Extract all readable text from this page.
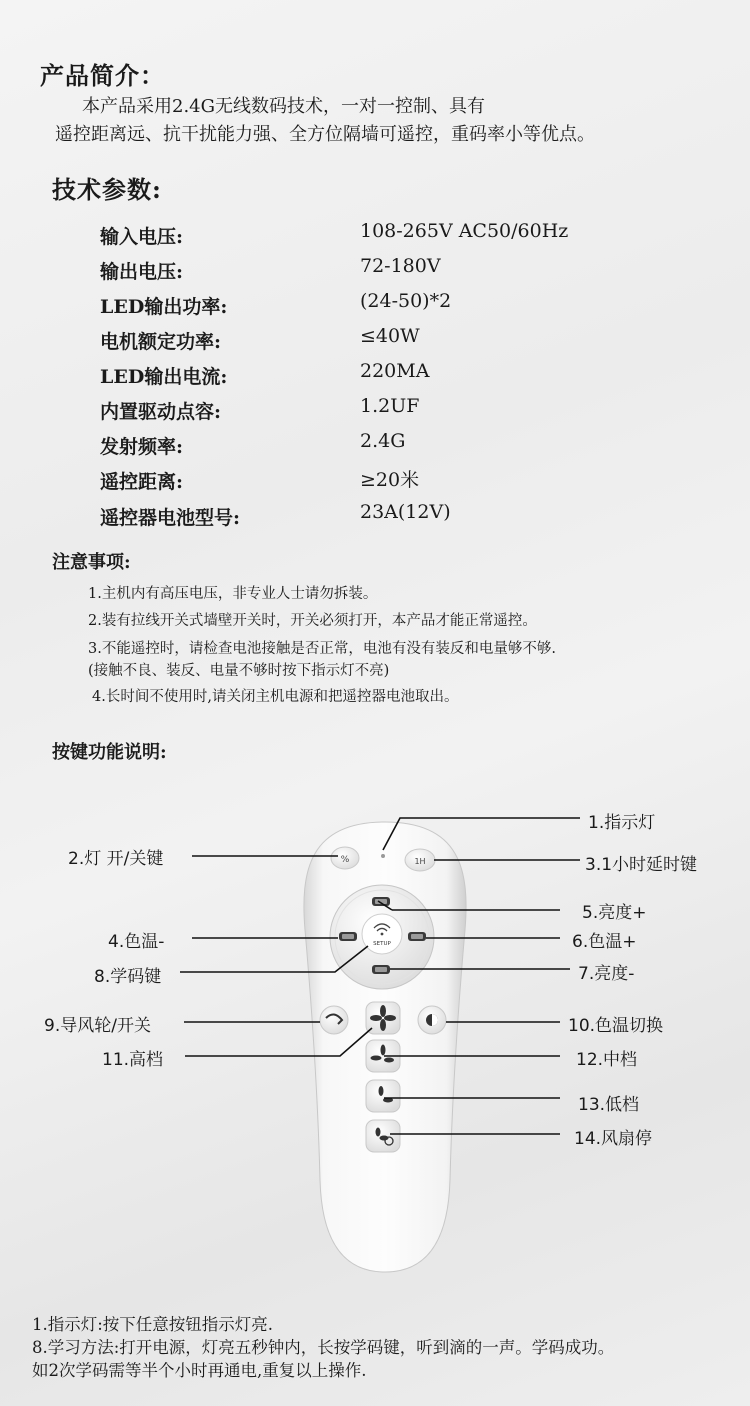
产品简介：
本产品采用2.4G无线数码技术，一对一控制、具有
遥控距离远、抗干扰能力强、全方位隔墙可遥控，重码率小等优点。
技术参数:
输入电压:	108-265V AC50/60Hz
输出电压:	72-180V
LED输出功率:	(24-50)*2
电机额定功率:	≤40W
LED输出电流:	220MA
内置驱动点容:	1.2UF
发射频率:	2.4G
遥控距离:	≥20米
遥控器电池型号:	23A(12V)
注意事项:
1.主机内有高压电压，非专业人士请勿拆装。
2.装有拉线开关式墙壁开关时，开关必须打开，本产品才能正常遥控。
3.不能遥控时，请检查电池接触是否正常，电池有没有装反和电量够不够.
(接触不良、装反、电量不够时按下指示灯不亮)
4.长时间不使用时,请关闭主机电源和把遥控器电池取出。
按键功能说明:
%	1H
SETUP
1.指示灯
2.灯 开/关键	3.1小时延时键
4.色温-
5.亮度+
6.色温+
7.亮度-
8.学码键
9.导风轮/开关	10.色温切换
11.高档	12.中档
13.低档
14.风扇停
1.指示灯:按下任意按钮指示灯亮.
8.学习方法:打开电源，灯亮五秒钟内，长按学码键，听到滴的一声。学码成功。
如2次学码需等半个小时再通电,重复以上操作.
